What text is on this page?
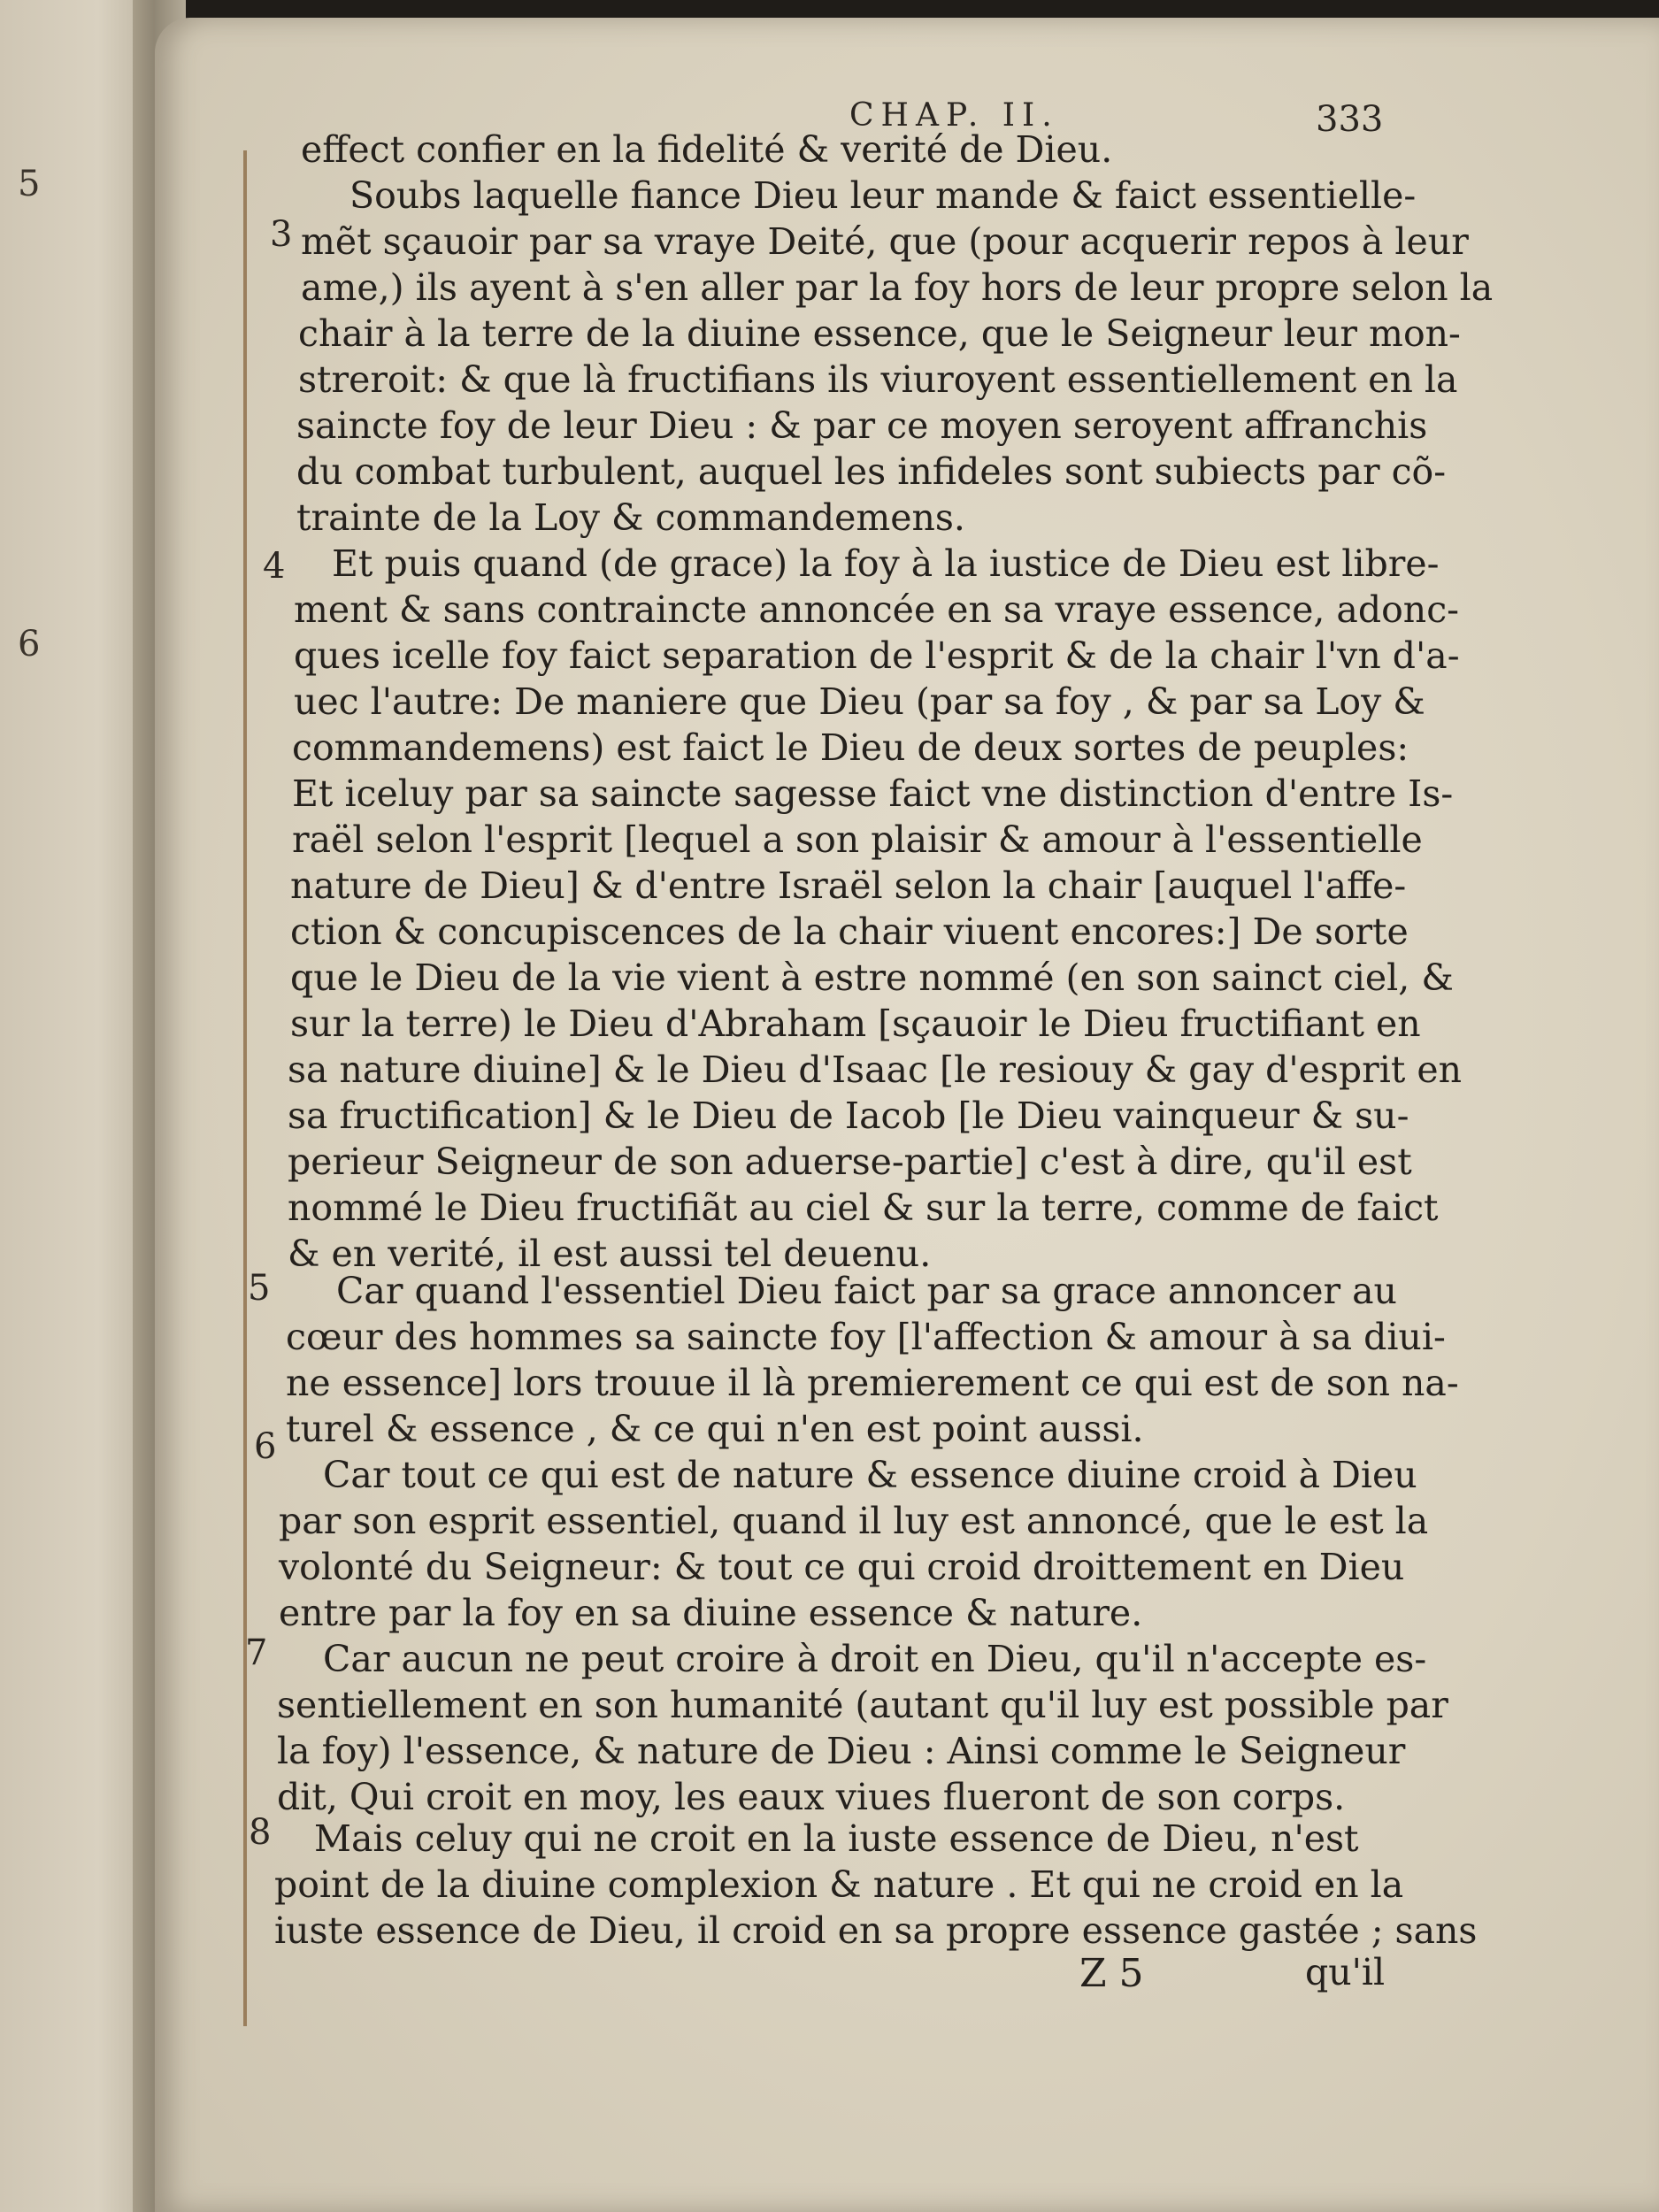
5
6
CHAP. II.	333
3
4
5
6
7
8
effect confier en la fidelité & verité de Dieu.
Soubs laquelle fiance Dieu leur mande & faict essentielle-
mẽt sçauoir par sa vraye Deité, que (pour acquerir repos à leur
ame,) ils ayent à s'en aller par la foy hors de leur propre selon la
chair à la terre de la diuine essence, que le Seigneur leur mon-
streroit: & que là fructifians ils viuroyent essentiellement en la
saincte foy de leur Dieu : & par ce moyen seroyent affranchis
du combat turbulent, auquel les infideles sont subiects par cõ-
trainte de la Loy & commandemens.
Et puis quand (de grace) la foy à la iustice de Dieu est libre-
ment & sans contraincte annoncée en sa vraye essence, adonc-
ques icelle foy faict separation de l'esprit & de la chair l'vn d'a-
uec l'autre: De maniere que Dieu (par sa foy , & par sa Loy &
commandemens) est faict le Dieu de deux sortes de peuples:
Et iceluy par sa saincte sagesse faict vne distinction d'entre Is-
raël selon l'esprit [lequel a son plaisir & amour à l'essentielle
nature de Dieu] & d'entre Israël selon la chair [auquel l'affe-
ction & concupiscences de la chair viuent encores:] De sorte
que le Dieu de la vie vient à estre nommé (en son sainct ciel, &
sur la terre) le Dieu d'Abraham [sçauoir le Dieu fructifiant en
sa nature diuine] & le Dieu d'Isaac [le resiouy & gay d'esprit en
sa fructification] & le Dieu de Iacob [le Dieu vainqueur & su-
perieur Seigneur de son aduerse-partie] c'est à dire, qu'il est
nommé le Dieu fructifiãt au ciel & sur la terre, comme de faict
& en verité, il est aussi tel deuenu.
Car quand l'essentiel Dieu faict par sa grace annoncer au
cœur des hommes sa saincte foy [l'affection & amour à sa diui-
ne essence] lors trouue il là premierement ce qui est de son na-
turel & essence , & ce qui n'en est point aussi.
Car tout ce qui est de nature & essence diuine croid à Dieu
par son esprit essentiel, quand il luy est annoncé, que le est la
volonté du Seigneur: & tout ce qui croid droittement en Dieu
entre par la foy en sa diuine essence & nature.
Car aucun ne peut croire à droit en Dieu, qu'il n'accepte es-
sentiellement en son humanité (autant qu'il luy est possible par
la foy) l'essence, & nature de Dieu : Ainsi comme le Seigneur
dit, Qui croit en moy, les eaux viues flueront de son corps.
Mais celuy qui ne croit en la iuste essence de Dieu, n'est
point de la diuine complexion & nature . Et qui ne croid en la
iuste essence de Dieu, il croid en sa propre essence gastée ; sans
Z 5	qu'il
